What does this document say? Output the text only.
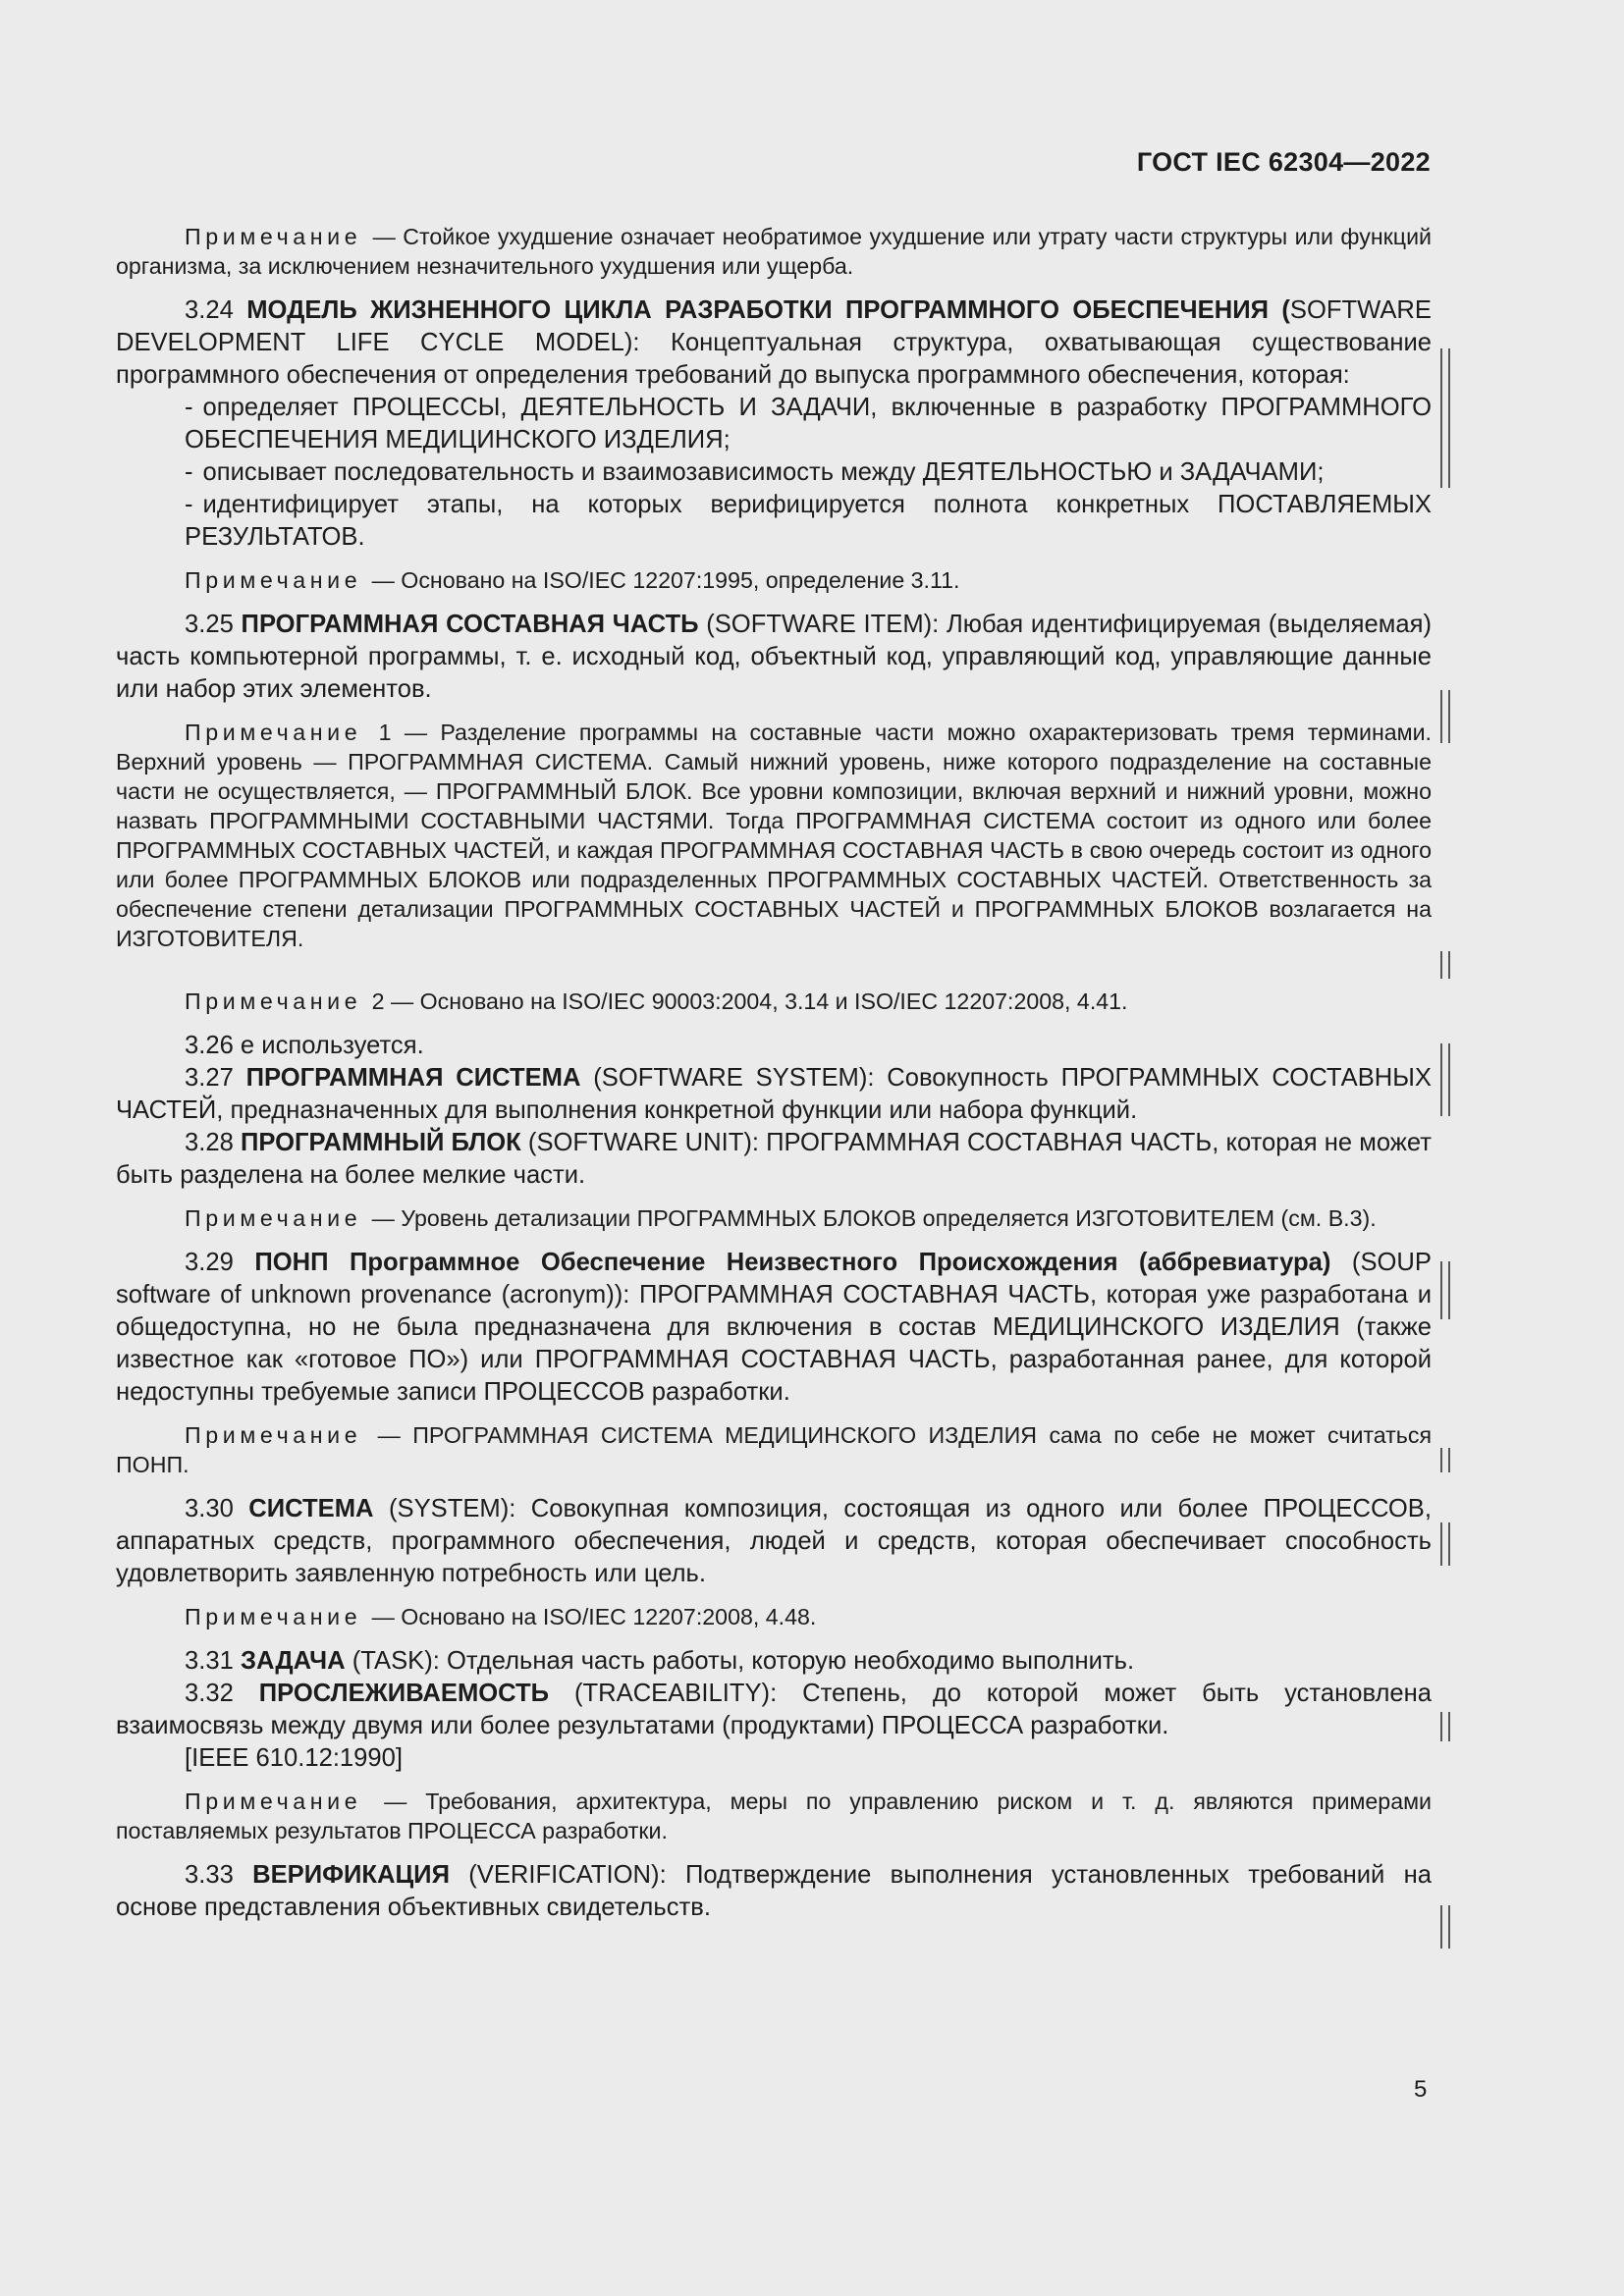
ГОСТ IEC 62304—2022

Примечание — Стойкое ухудшение означает необратимое ухудшение или утрату части структуры или функций организма, за исключением незначительного ухудшения или ущерба.

3.24 МОДЕЛЬ ЖИЗНЕННОГО ЦИКЛА РАЗРАБОТКИ ПРОГРАММНОГО ОБЕСПЕЧЕНИЯ (SOFTWARE DEVELOPMENT LIFE CYCLE MODEL): Концептуальная структура, охватывающая существование программного обеспечения от определения требований до выпуска программного обеспечения, которая:

- определяет ПРОЦЕССЫ, ДЕЯТЕЛЬНОСТЬ И ЗАДАЧИ, включенные в разработку ПРОГРАММНОГО ОБЕСПЕЧЕНИЯ МЕДИЦИНСКОГО ИЗДЕЛИЯ;
- описывает последовательность и взаимозависимость между ДЕЯТЕЛЬНОСТЬЮ и ЗАДАЧАМИ;
- идентифицирует этапы, на которых верифицируется полнота конкретных ПОСТАВЛЯЕМЫХ РЕЗУЛЬТАТОВ.

Примечание — Основано на ISO/IEC 12207:1995, определение 3.11.

3.25 ПРОГРАММНАЯ СОСТАВНАЯ ЧАСТЬ (SOFTWARE ITEM): Любая идентифицируемая (выделяемая) часть компьютерной программы, т. е. исходный код, объектный код, управляющий код, управляющие данные или набор этих элементов.

Примечание 1 — Разделение программы на составные части можно охарактеризовать тремя терминами. Верхний уровень — ПРОГРАММНАЯ СИСТЕМА. Самый нижний уровень, ниже которого подразделение на составные части не осуществляется, — ПРОГРАММНЫЙ БЛОК. Все уровни композиции, включая верхний и нижний уровни, можно назвать ПРОГРАММНЫМИ СОСТАВНЫМИ ЧАСТЯМИ. Тогда ПРОГРАММНАЯ СИСТЕМА состоит из одного или более ПРОГРАММНЫХ СОСТАВНЫХ ЧАСТЕЙ, и каждая ПРОГРАММНАЯ СОСТАВНАЯ ЧАСТЬ в свою очередь состоит из одного или более ПРОГРАММНЫХ БЛОКОВ или подразделенных ПРОГРАММНЫХ СОСТАВНЫХ ЧАСТЕЙ. Ответственность за обеспечение степени детализации ПРОГРАММНЫХ СОСТАВНЫХ ЧАСТЕЙ и ПРОГРАММНЫХ БЛОКОВ возлагается на ИЗГОТОВИТЕЛЯ.

Примечание 2 — Основано на ISO/IEC 90003:2004, 3.14 и ISO/IEC 12207:2008, 4.41.

3.26 е используется.

3.27 ПРОГРАММНАЯ СИСТЕМА (SOFTWARE SYSTEM): Совокупность ПРОГРАММНЫХ СОСТАВНЫХ ЧАСТЕЙ, предназначенных для выполнения конкретной функции или набора функций.

3.28 ПРОГРАММНЫЙ БЛОК (SOFTWARE UNIT): ПРОГРАММНАЯ СОСТАВНАЯ ЧАСТЬ, которая не может быть разделена на более мелкие части.

Примечание — Уровень детализации ПРОГРАММНЫХ БЛОКОВ определяется ИЗГОТОВИТЕЛЕМ (см. В.3).

3.29 ПОНП Программное Обеспечение Неизвестного Происхождения (аббревиатура) (SOUP software of unknown provenance (acronym)): ПРОГРАММНАЯ СОСТАВНАЯ ЧАСТЬ, которая уже разработана и общедоступна, но не была предназначена для включения в состав МЕДИЦИНСКОГО ИЗДЕЛИЯ (также известное как «готовое ПО») или ПРОГРАММНАЯ СОСТАВНАЯ ЧАСТЬ, разработанная ранее, для которой недоступны требуемые записи ПРОЦЕССОВ разработки.

Примечание — ПРОГРАММНАЯ СИСТЕМА МЕДИЦИНСКОГО ИЗДЕЛИЯ сама по себе не может считаться ПОНП.

3.30 СИСТЕМА (SYSTEM): Совокупная композиция, состоящая из одного или более ПРОЦЕССОВ, аппаратных средств, программного обеспечения, людей и средств, которая обеспечивает способность удовлетворить заявленную потребность или цель.

Примечание — Основано на ISO/IEC 12207:2008, 4.48.

3.31 ЗАДАЧА (TASK): Отдельная часть работы, которую необходимо выполнить.

3.32 ПРОСЛЕЖИВАЕМОСТЬ (TRACEABILITY): Степень, до которой может быть установлена взаимосвязь между двумя или более результатами (продуктами) ПРОЦЕССА разработки.

[IEEE 610.12:1990]

Примечание — Требования, архитектура, меры по управлению риском и т. д. являются примерами поставляемых результатов ПРОЦЕССА разработки.

3.33 ВЕРИФИКАЦИЯ (VERIFICATION): Подтверждение выполнения установленных требований на основе представления объективных свидетельств.

5
